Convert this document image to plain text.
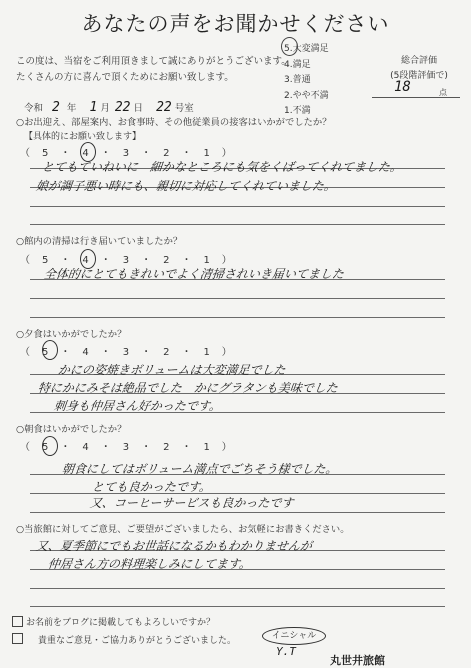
あなたの声をお聞かせください
この度は、当宿をご利用頂きまして誠にありがとうございます。
たくさんの方に喜んで頂くためにお願い致します。
5.大変満足
4.満足
3.普通
2.やや不満
1.不満
総合評価
(5段階評価で)
18	点
令和 2 年 1 月 22 日 22 号室
○お出迎え、部屋案内、お食事時、その他従業員の接客はいかがでしたか？
【具体的にお願い致します】
（　5　・　4　・　3　・　2　・　1　）
とてもていねいに　細かなところにも気をくばってくれてました。
娘が調子悪い時にも、親切に対応してくれていました。
○館内の清掃は行き届いていましたか？
（　5　・　4　・　3　・　2　・　1　）
全体的にとてもきれいでよく清掃されいき届いてました
○夕食はいかがでしたか？
（　5　・　4　・　3　・　2　・　1　）
かにの姿焼きボリュームは大変満足でした
特にかにみそは絶品でした　かにグラタンも美味でした
刺身も仲居さん好かったです。
○朝食はいかがでしたか？
（　5　・　4　・　3　・　2　・　1　）
朝食にしてはボリューム満点でごちそう様でした。
とても良かったです。
又、コーヒーサービスも良かったです
○当旅館に対してご意見、ご要望がございましたら、お気軽にお書きください。
又、夏季節にでもお世話になるかもわかりませんが
仲居さん方の料理楽しみにしてます。
お名前をブログに掲載してもよろしいですか？
貴重なご意見・ご協力ありがとうございました。	イニシャル
Y.T
丸世井旅館
